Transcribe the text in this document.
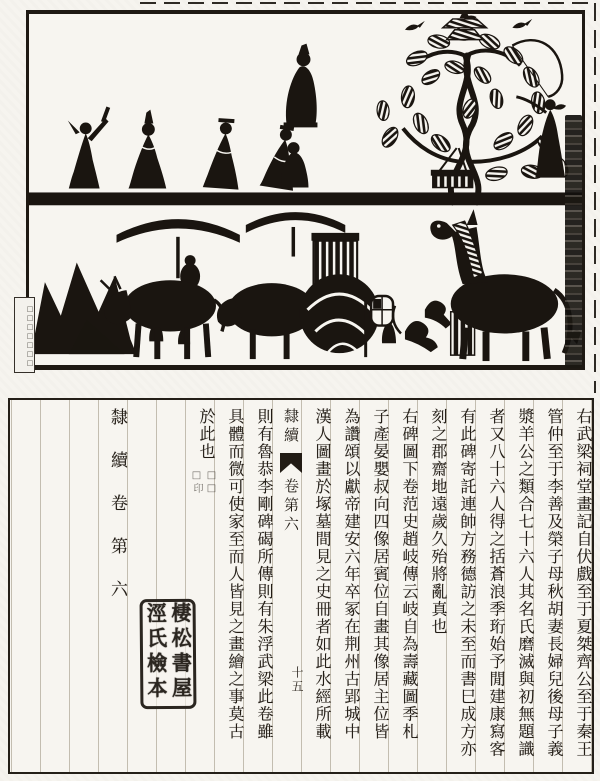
□□□□□□□
右武梁祠堂畫記自伏戲至于夏桀齊公至于秦王
管仲至于李善及榮子母秋胡妻長婦兒後母子義
漿羊公之類合七十六人其名氏磨滅與初無題識
者又八十六人得之括蒼浪季珩始予閒建康寫客
有此碑寄託連帥方務德訪之未至而書巳成方亦
刻之郡齋地遠歲久殆將亂真也
右碑圖下卷范史趙岐傳云岐自為壽藏圖季札
子產晏嬰叔向四像居賓位自畫其像居主位皆
為讚頌以獻帝建安六年卒冢在荆州古郢城中
漢人圖畫於塚墓間見之史冊者如此水經所載
隸續
卷第六
十五
則有魯恭李剛碑碣所傳則有朱浮武梁此卷雖
具體而微可使家至而人皆見之畫繪之事莫古
於此也
□□
□印
隸續卷第六
棲松書屋
涇氏檢本
